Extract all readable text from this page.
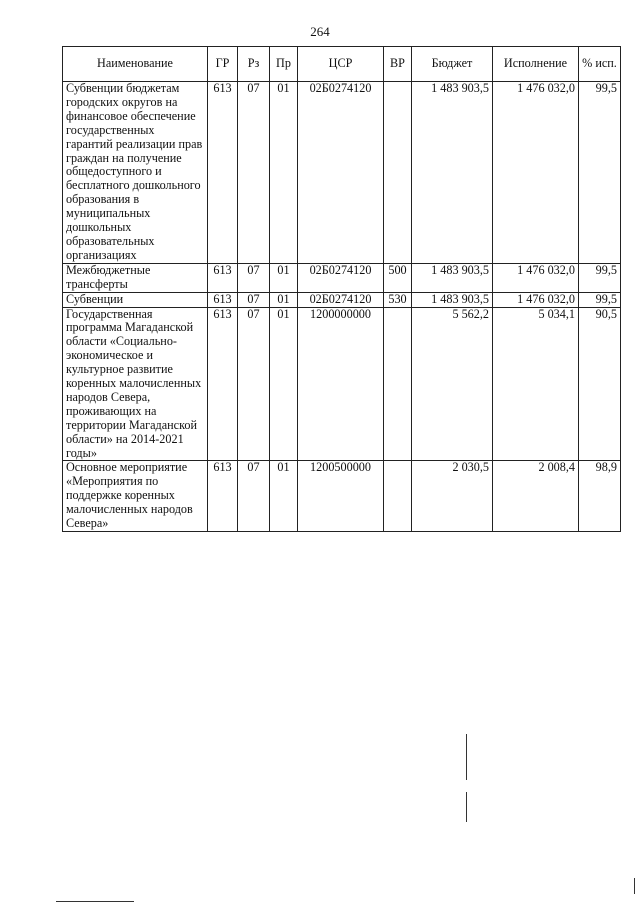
264
Наименование	ГР	Рз	Пр	ЦСР	ВР	Бюджет	Исполнение	% исп.
Субвенции бюджетам городских округов на финансовое обеспечение государственных гарантий реализации прав граждан на получение общедоступного и бесплатного дошкольного образования в муниципальных дошкольных образовательных организациях	613	07	01	02Б0274120		1 483 903,5	1 476 032,0	99,5
Межбюджетные трансферты	613	07	01	02Б0274120	500	1 483 903,5	1 476 032,0	99,5
Субвенции	613	07	01	02Б0274120	530	1 483 903,5	1 476 032,0	99,5
Государственная программа Магаданской области «Социально-экономическое и культурное развитие коренных малочисленных народов Севера, проживающих на территории Магаданской области» на 2014-2021 годы»	613	07	01	1200000000		5 562,2	5 034,1	90,5
Основное мероприятие «Мероприятия по поддержке коренных малочисленных народов Севера»	613	07	01	1200500000		2 030,5	2 008,4	98,9
